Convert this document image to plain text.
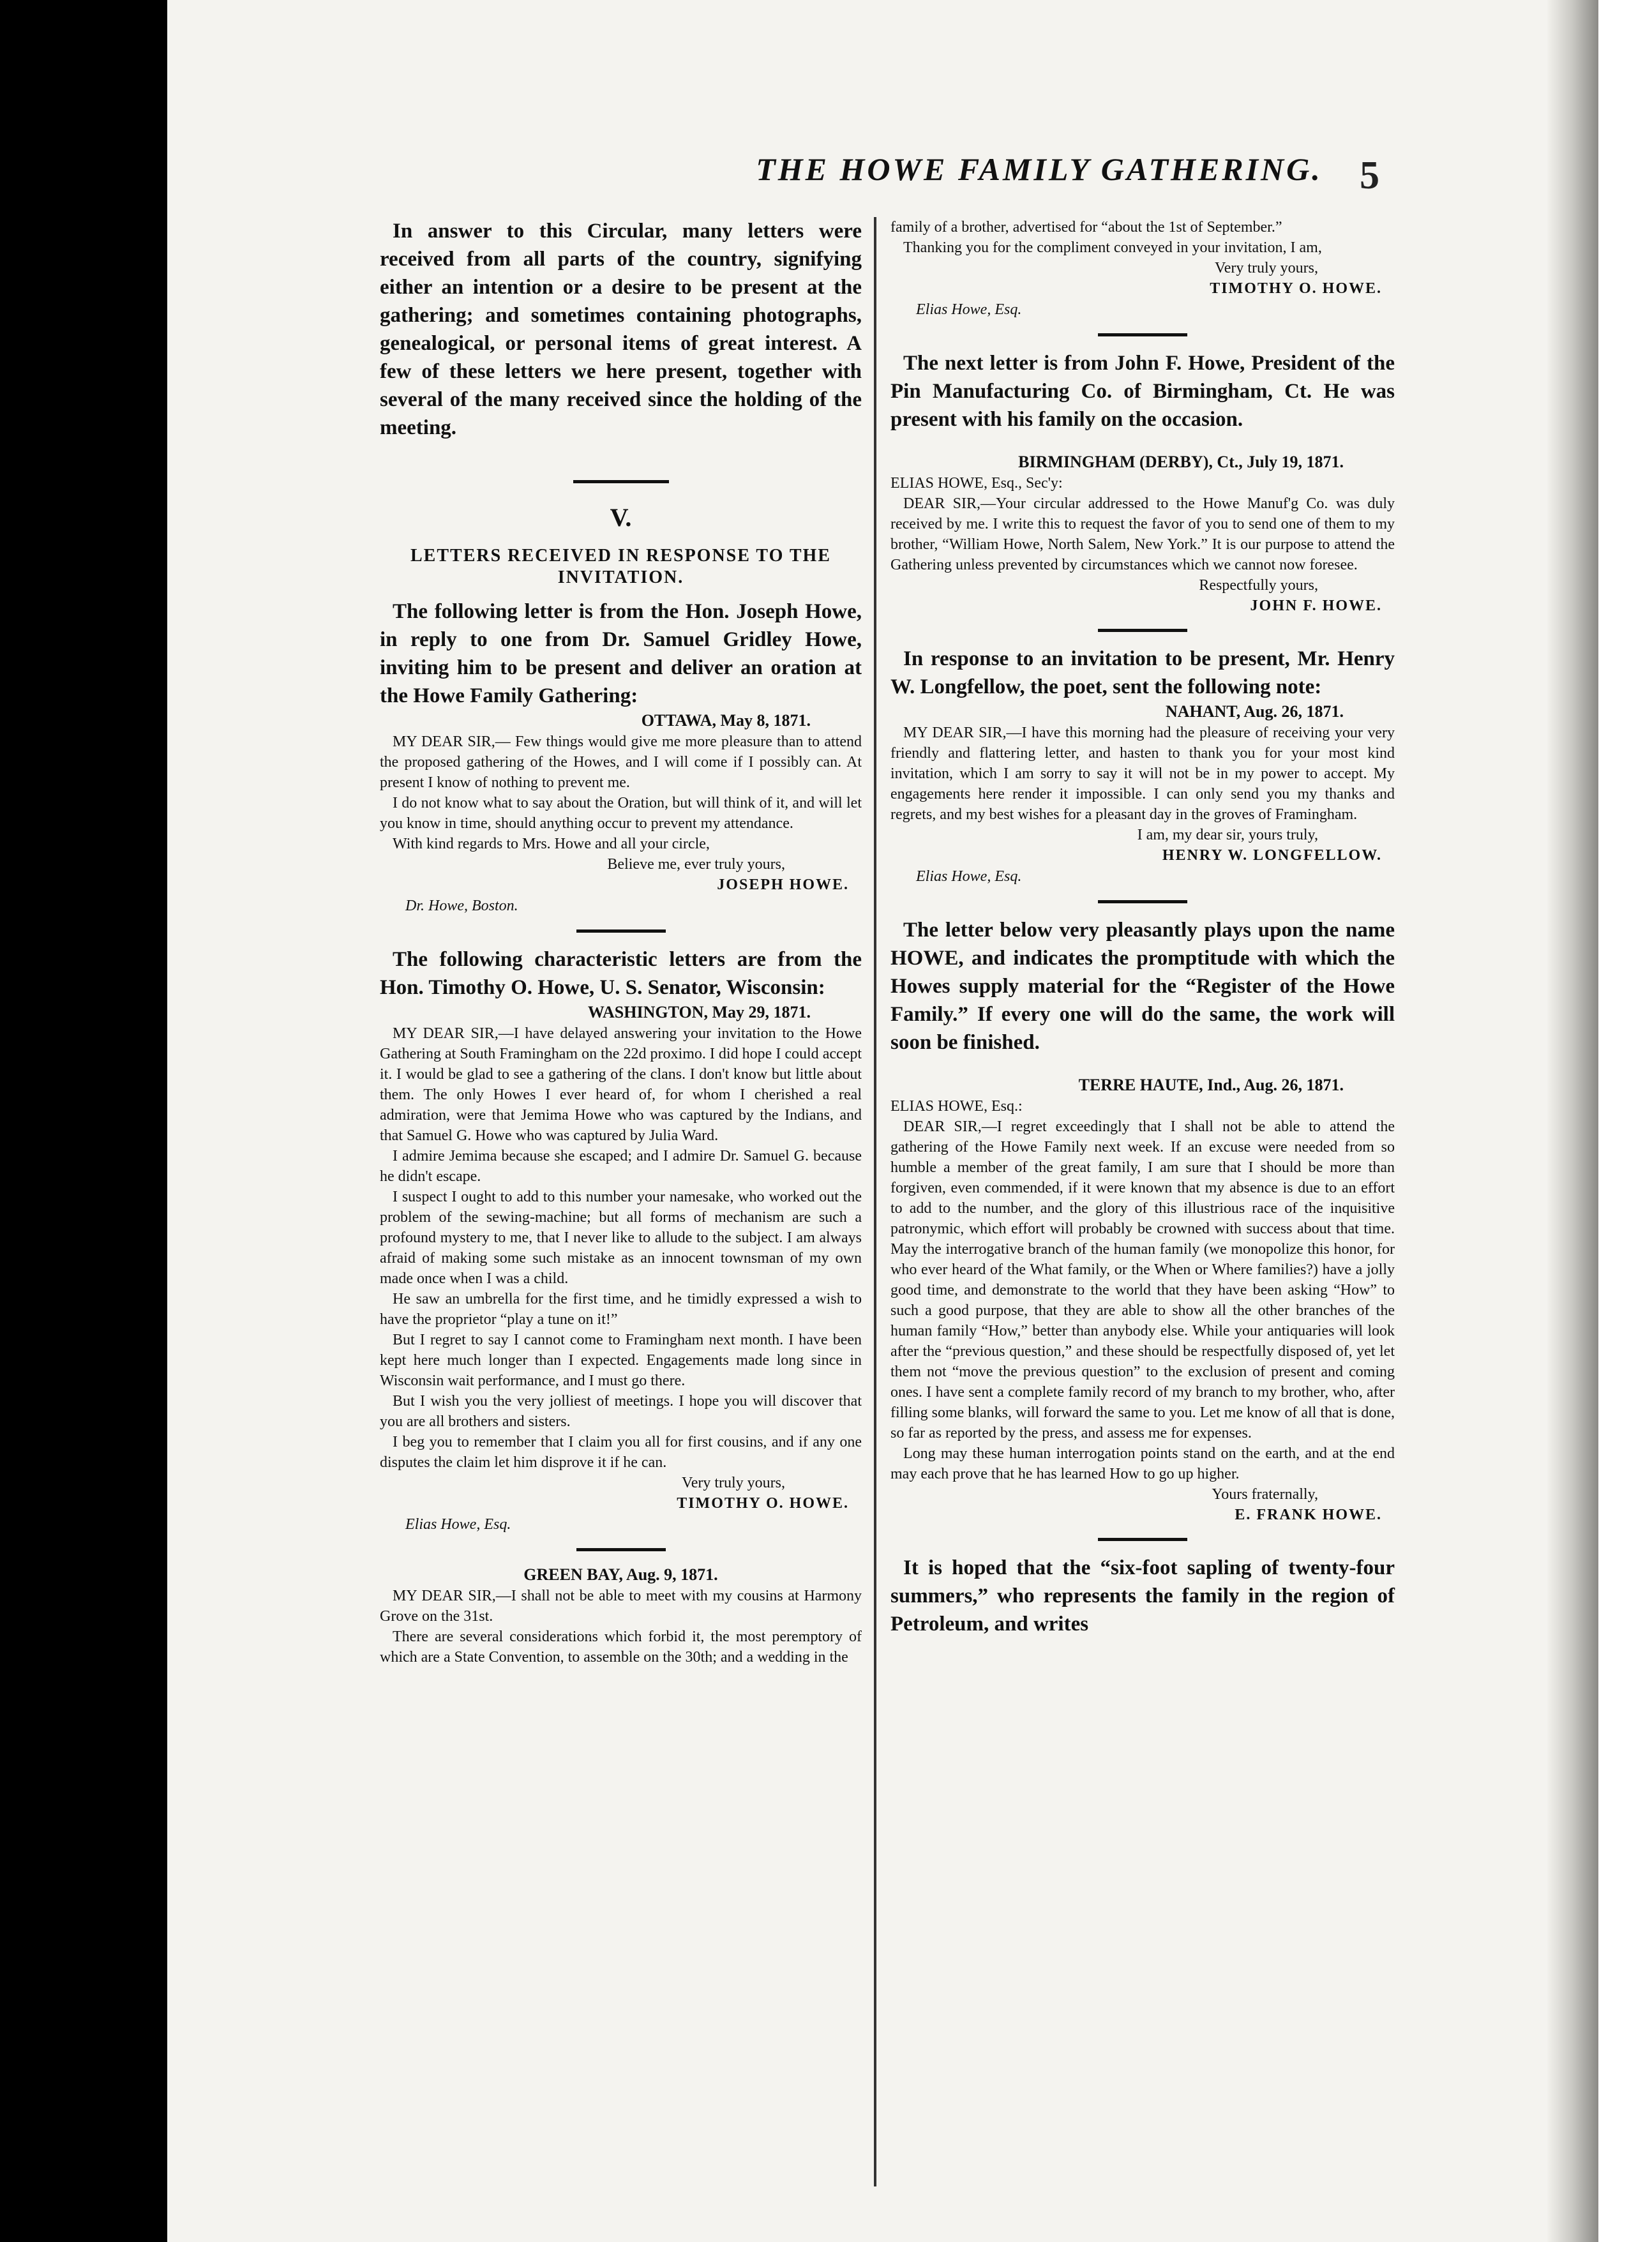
THE HOWE FAMILY GATHERING. 5

In answer to this Circular, many letters were received from all parts of the country, signifying either an intention or a desire to be present at the gathering; and sometimes containing photographs, genealogical, or personal items of great interest. A few of these letters we here present, together with several of the many received since the holding of the meeting.

V.
LETTERS RECEIVED IN RESPONSE TO THE INVITATION.

The following letter is from the Hon. Joseph Howe, in reply to one from Dr. Samuel Gridley Howe, inviting him to be present and deliver an oration at the Howe Family Gathering:

OTTAWA, May 8, 1871.

MY DEAR SIR,— Few things would give me more pleasure than to attend the proposed gathering of the Howes, and I will come if I possibly can. At present I know of nothing to prevent me.

I do not know what to say about the Oration, but will think of it, and will let you know in time, should anything occur to prevent my attendance.

With kind regards to Mrs. Howe and all your circle,

Believe me, ever truly yours,
JOSEPH HOWE.
Dr. Howe, Boston.

The following characteristic letters are from the Hon. Timothy O. Howe, U. S. Senator, Wisconsin:

WASHINGTON, May 29, 1871.

MY DEAR SIR,—I have delayed answering your invitation to the Howe Gathering at South Framingham on the 22d proximo. I did hope I could accept it. I would be glad to see a gathering of the clans. I don't know but little about them. The only Howes I ever heard of, for whom I cherished a real admiration, were that Jemima Howe who was captured by the Indians, and that Samuel G. Howe who was captured by Julia Ward.

I admire Jemima because she escaped; and I admire Dr. Samuel G. because he didn't escape.

I suspect I ought to add to this number your namesake, who worked out the problem of the sewing-machine; but all forms of mechanism are such a profound mystery to me, that I never like to allude to the subject. I am always afraid of making some such mistake as an innocent townsman of my own made once when I was a child.

He saw an umbrella for the first time, and he timidly expressed a wish to have the proprietor “play a tune on it!”

But I regret to say I cannot come to Framingham next month. I have been kept here much longer than I expected. Engagements made long since in Wisconsin wait performance, and I must go there.

But I wish you the very jolliest of meetings. I hope you will discover that you are all brothers and sisters.

I beg you to remember that I claim you all for first cousins, and if any one disputes the claim let him disprove it if he can.

Very truly yours,
TIMOTHY O. HOWE.
Elias Howe, Esq.
GREEN BAY, Aug. 9, 1871.

MY DEAR SIR,—I shall not be able to meet with my cousins at Harmony Grove on the 31st.

There are several considerations which forbid it, the most peremptory of which are a State Convention, to assemble on the 30th; and a wedding in the

family of a brother, advertised for “about the 1st of September.”

Thanking you for the compliment conveyed in your invitation, I am,

Very truly yours,
TIMOTHY O. HOWE.
Elias Howe, Esq.

The next letter is from John F. Howe, President of the Pin Manufacturing Co. of Birmingham, Ct. He was present with his family on the occasion.

BIRMINGHAM (DERBY), Ct., July 19, 1871.

ELIAS HOWE, Esq., Sec'y:

DEAR SIR,—Your circular addressed to the Howe Manuf'g Co. was duly received by me. I write this to request the favor of you to send one of them to my brother, “William Howe, North Salem, New York.” It is our purpose to attend the Gathering unless prevented by circumstances which we cannot now foresee.

Respectfully yours,
JOHN F. HOWE.

In response to an invitation to be present, Mr. Henry W. Longfellow, the poet, sent the following note:

NAHANT, Aug. 26, 1871.

MY DEAR SIR,—I have this morning had the pleasure of receiving your very friendly and flattering letter, and hasten to thank you for your most kind invitation, which I am sorry to say it will not be in my power to accept. My engagements here render it impossible. I can only send you my thanks and regrets, and my best wishes for a pleasant day in the groves of Framingham.

I am, my dear sir, yours truly,
HENRY W. LONGFELLOW.
Elias Howe, Esq.

The letter below very pleasantly plays upon the name HOWE, and indicates the promptitude with which the Howes supply material for the “Register of the Howe Family.” If every one will do the same, the work will soon be finished.

TERRE HAUTE, Ind., Aug. 26, 1871.

ELIAS HOWE, Esq.:

DEAR SIR,—I regret exceedingly that I shall not be able to attend the gathering of the Howe Family next week. If an excuse were needed from so humble a member of the great family, I am sure that I should be more than forgiven, even commended, if it were known that my absence is due to an effort to add to the number, and the glory of this illustrious race of the inquisitive patronymic, which effort will probably be crowned with success about that time. May the interrogative branch of the human family (we monopolize this honor, for who ever heard of the What family, or the When or Where families?) have a jolly good time, and demonstrate to the world that they have been asking “How” to such a good purpose, that they are able to show all the other branches of the human family “How,” better than anybody else. While your antiquaries will look after the “previous question,” and these should be respectfully disposed of, yet let them not “move the previous question” to the exclusion of present and coming ones. I have sent a complete family record of my branch to my brother, who, after filling some blanks, will forward the same to you. Let me know of all that is done, so far as reported by the press, and assess me for expenses.

Long may these human interrogation points stand on the earth, and at the end may each prove that he has learned How to go up higher.

Yours fraternally,
E. FRANK HOWE.

It is hoped that the “six-foot sapling of twenty-four summers,” who represents the family in the region of Petroleum, and writes
